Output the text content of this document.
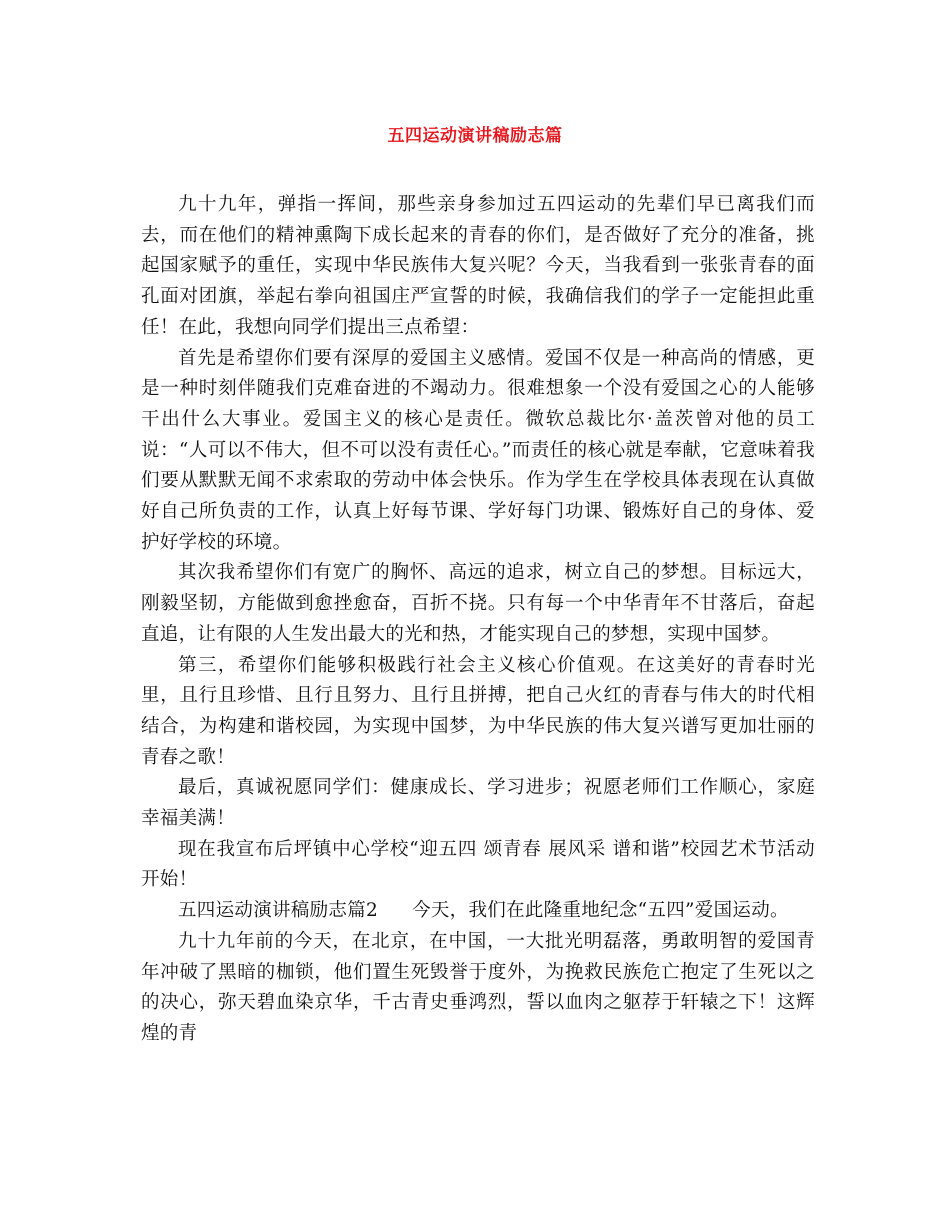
五四运动演讲稿励志篇

九十九年，弹指一挥间，那些亲身参加过五四运动的先辈们早已离我们而去，而在他们的精神熏陶下成长起来的青春的你们，是否做好了充分的准备，挑起国家赋予的重任，实现中华民族伟大复兴呢？今天，当我看到一张张青春的面孔面对团旗，举起右拳向祖国庄严宣誓的时候，我确信我们的学子一定能担此重任！在此，我想向同学们提出三点希望：

首先是希望你们要有深厚的爱国主义感情。爱国不仅是一种高尚的情感，更是一种时刻伴随我们克难奋进的不竭动力。很难想象一个没有爱国之心的人能够干出什么大事业。爱国主义的核心是责任。微软总裁比尔·盖茨曾对他的员工说：“人可以不伟大，但不可以没有责任心。”而责任的核心就是奉献，它意味着我们要从默默无闻不求索取的劳动中体会快乐。作为学生在学校具体表现在认真做好自己所负责的工作，认真上好每节课、学好每门功课、锻炼好自己的身体、爱护好学校的环境。

其次我希望你们有宽广的胸怀、高远的追求，树立自己的梦想。目标远大，刚毅坚韧，方能做到愈挫愈奋，百折不挠。只有每一个中华青年不甘落后，奋起直追，让有限的人生发出最大的光和热，才能实现自己的梦想，实现中国梦。

第三，希望你们能够积极践行社会主义核心价值观。在这美好的青春时光里，且行且珍惜、且行且努力、且行且拼搏，把自己火红的青春与伟大的时代相结合，为构建和谐校园，为实现中国梦，为中华民族的伟大复兴谱写更加壮丽的青春之歌！

最后，真诚祝愿同学们：健康成长、学习进步；祝愿老师们工作顺心，家庭幸福美满！

现在我宣布后坪镇中心学校“迎五四 颂青春 展风采 谱和谐”校园艺术节活动开始！

五四运动演讲稿励志篇2 今天，我们在此隆重地纪念“五四”爱国运动。

九十九年前的今天，在北京，在中国，一大批光明磊落，勇敢明智的爱国青年冲破了黑暗的枷锁，他们置生死毁誉于度外，为挽救民族危亡抱定了生死以之的决心，弥天碧血染京华，千古青史垂鸿烈，誓以血肉之躯荐于轩辕之下！这辉煌的青
